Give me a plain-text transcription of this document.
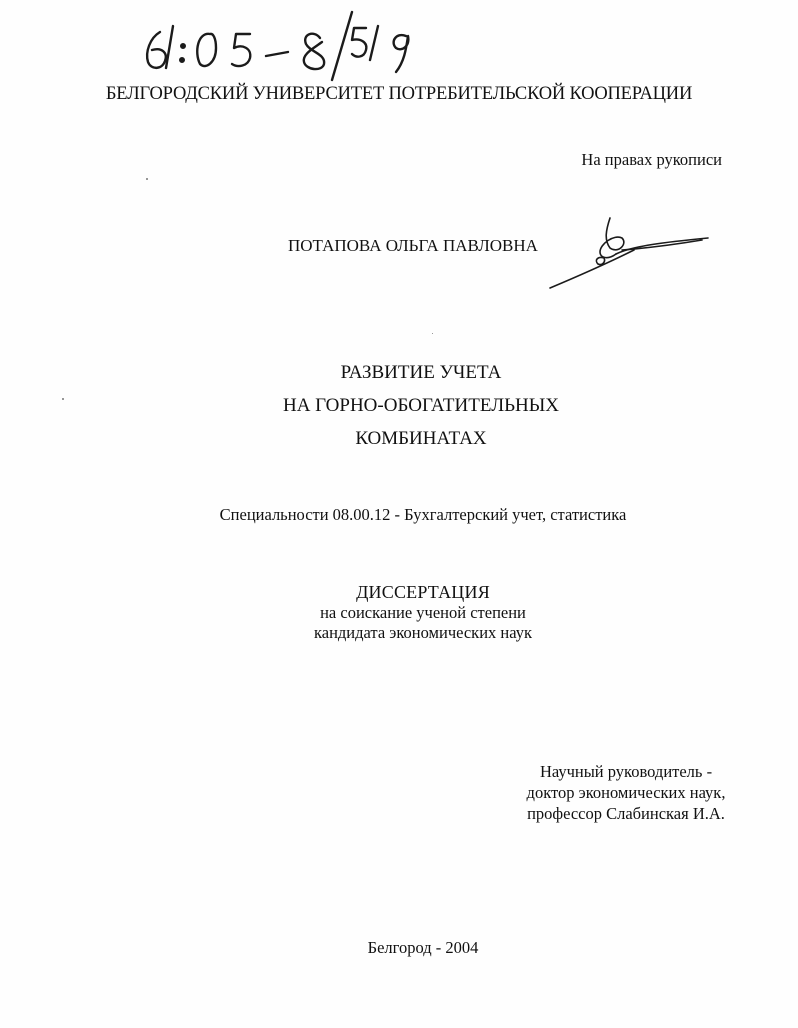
БЕЛГОРОДСКИЙ УНИВЕРСИТЕТ ПОТРЕБИТЕЛЬСКОЙ КООПЕРАЦИИ
На правах рукописи
ПОТАПОВА ОЛЬГА ПАВЛОВНА
РАЗВИТИЕ УЧЕТА
НА ГОРНО-ОБОГАТИТЕЛЬНЫХ
КОМБИНАТАХ
Специальности 08.00.12 - Бухгалтерский учет, статистика
ДИССЕРТАЦИЯ
на соискание ученой степени
кандидата экономических наук
Научный руководитель -
доктор экономических наук,
профессор Слабинская И.А.
Белгород - 2004
